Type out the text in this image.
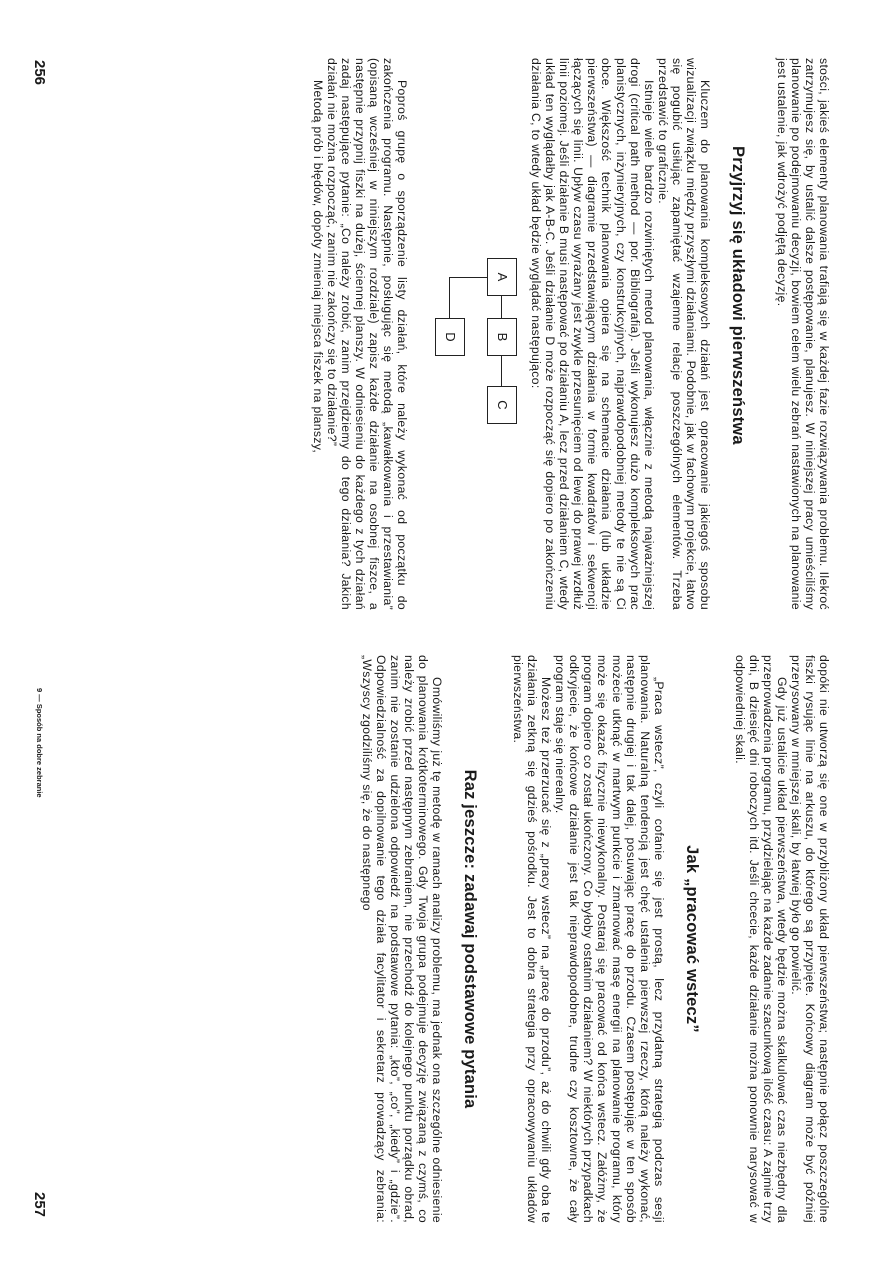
stości, jakieś elementy planowania trafiają się w każdej fazie rozwiązywania problemu. Ilekroć zatrzymujesz się, by ustalić dalsze postępowanie, planujesz. W niniejszej pracy umieściliśmy planowanie po podejmowaniu decyzji, bowiem celem wielu zebrań nastawionych na planowanie jest ustalenie, jak wdrożyć podjętą decyzję.

Przyjrzyj się układowi pierwszeństwa

Kluczem do planowania kompleksowych działań jest opracowanie jakiegoś sposobu wizualizacji związku między przyszłymi działaniami. Podobnie, jak w fachowym projekcie, łatwo się pogubić usiłując zapamiętać wzajemne relacje poszczególnych elementów. Trzeba przedstawić to graficznie.

Istnieje wiele bardzo rozwiniętych metod planowania, włącznie z metodą najważniejszej drogi (critical path method — por. Bibliografia). Jeśli wykonujesz dużo kompleksowych prac planistycznych, inżynieryjnych, czy konstrukcyjnych, najprawdopodobniej metody te nie są Ci obce. Większość technik planowania opiera się na schemacie działania (lub układzie pierwszeństwa) — diagramie przedstawiającym działania w formie kwadratów i sekwencji łączących się linii. Upływ czasu wyrażany jest zwykle przesunięciem od lewej do prawej wzdłuż linii poziomej. Jeśli działanie B musi następować po działaniu A, lecz przed działaniem C, wtedy układ ten wyglądałby jak A-B-C. Jeśli działanie D może rozpocząć się dopiero po zakończeniu działania C, to wtedy układ będzie wyglądać następująco:

A
B
C
D

Poproś grupę o sporządzenie listy działań, które należy wykonać od początku do zakończenia programu. Następnie, posługując się metodą „kawałkowania i przestawiania” (opisaną wcześniej w niniejszym rozdziale) zapisz każde działanie na osobnej fiszce, a następnie przypnij fiszki na dużej, ściennej planszy. W odniesieniu do każdego z tych działań zadaj następujące pytanie: „Co należy zrobić, zanim przejdziemy do tego działania? Jakich działań nie można rozpocząć, zanim nie zakończy się to działanie?”

Metodą prób i błędów, dopóty zmieniaj miejsca fiszek na planszy,

dopóki nie utworzą się one w przybliżony układ pierwszeństwa; następnie połącz poszczególne fiszki rysując linie na arkuszu, do którego są przypięte. Końcowy diagram może być później przerysowany w mniejszej skali, by łatwiej było go powielić.

Gdy już ustalicie układ pierwszeństwa, wtedy będzie można skalkulować czas niezbędny dla przeprowadzenia programu, przydzielając na każde zadanie szacunkową ilość czasu: A zajmie trzy dni, B dziesięć dni roboczych itd. Jeśli chcecie, każde działanie można ponownie narysować w odpowiedniej skali.

Jak „pracować wstecz”

„Praca wstecz”, czyli cofanie się jest prostą, lecz przydatną strategią podczas sesji planowania. Naturalną tendencją jest chęć ustalenia pierwszej rzeczy, którą należy wykonać, następnie drugiej i tak dalej, posuwając pracę do przodu. Czasem postępując w ten sposób możecie utknąć w martwym punkcie i zmarnować masę energii na planowanie programu, który może się okazać fizycznie niewykonalny. Postaraj się pracować od końca wstecz. Załóżmy, że program dopiero co został ukończony. Co byłoby ostatnim działaniem? W niektórych przypadkach odkryjecie, że końcowe działanie jest tak nieprawdopodobne, trudne czy kosztowne, że cały program staje się nierealny.

Możesz też przerzucać się z „pracy wstecz” na „pracę do przodu”, aż do chwili gdy oba te działania zetkną się gdzieś pośrodku. Jest to dobra strategia przy opracowywaniu układów pierwszeństwa.

Raz jeszcze: zadawaj podstawowe pytania

Omówiliśmy już tę metodę w ramach analizy problemu, ma jednak ona szczególne odniesienie do planowania krótkoterminowego. Gdy Twoja grupa podejmuje decyzję związaną z czymś, co należy zrobić przed następnym zebraniem, nie przechodź do kolejnego punktu porządku obrad, zanim nie zostanie udzielona odpowiedź na podstawowe pytania: „kto”, „co”, „kiedy” i „gdzie”. Odpowiedzialność za dopilnowanie tego działa facylitator i sekretarz prowadzący zebrania: „Wszyscy zgodziliśmy się, że do następnego

256
9 — Sposób na dobre zebranie
257
